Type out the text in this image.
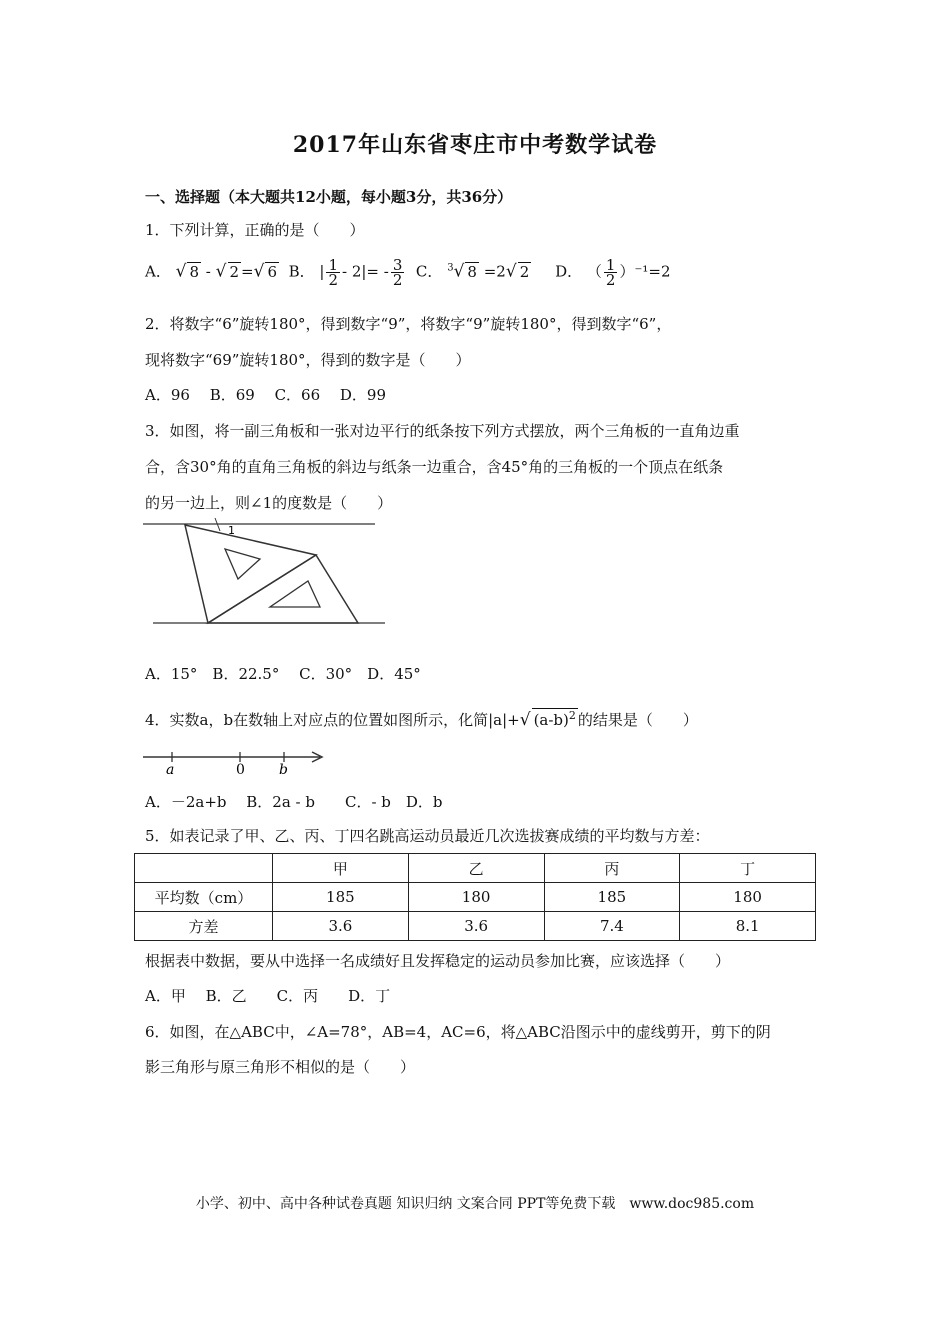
2017年山东省枣庄市中考数学试卷
一、选择题（本大题共12小题，每小题3分，共36分）
1．下列计算，正确的是（　　）
A． √ 8 - √ 2 =√ 6 B． | $\frac{1}{2} - 2|= - \frac{3}{2}$ C． $^3$√ 8 =2√ 2 D． （ $\frac{1}{2} )^{-1}=2$
2．将数字“6”旋转180°，得到数字“9”，将数字“9”旋转180°，得到数字“6”，
现将数字“69”旋转180°，得到的数字是（　　）
A．96　 B．69　 C．66　 D．99
3．如图，将一副三角板和一张对边平行的纸条按下列方式摆放，两个三角板的一直角边重
合，含30°角的直角三角板的斜边与纸条一边重合，含45°角的三角板的一个顶点在纸条
的另一边上，则∠1的度数是（　　）
1
A．15°　B．22.5°　 C．30°　D．45°
4．实数a，b在数轴上对应点的位置如图所示，化简|a|+√ $(a-b)^2$ 的结果是（　　）
a	0 b
A．－2a+b　 B．2a - b　　C．- b　D．b
5．如表记录了甲、乙、丙、丁四名跳高运动员最近几次选拔赛成绩的平均数与方差：
	甲	乙	丙	丁
平均数（cm）	185	180	185	180
方差	3.6	3.6	7.4	8.1
根据表中数据，要从中选择一名成绩好且发挥稳定的运动员参加比赛，应该选择（　　）
A．甲　 B．乙　　C．丙　　D．丁
6．如图，在△ABC中，∠A=78°，AB=4，AC=6，将△ABC沿图示中的虚线剪开，剪下的阴
影三角形与原三角形不相似的是（　　）
小学、初中、高中各种试卷真题 知识归纳 文案合同 PPT等免费下载　www.doc985.com
